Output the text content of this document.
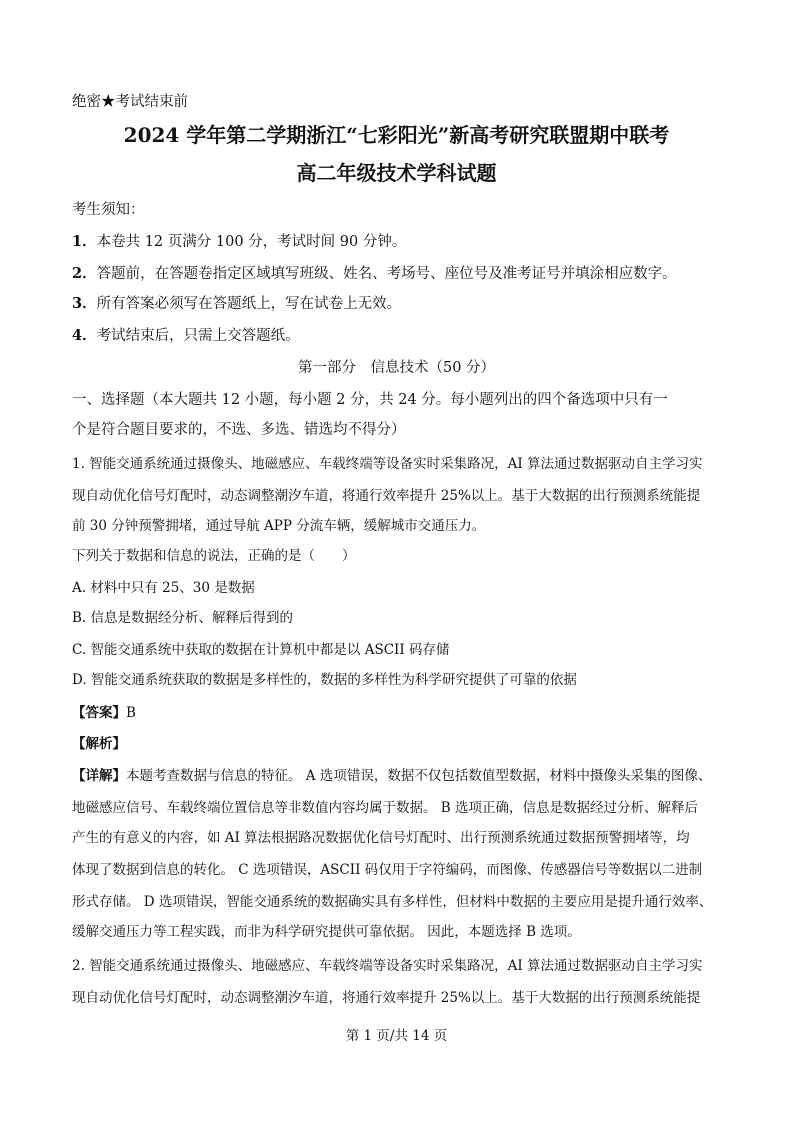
绝密★考试结束前
2024 学年第二学期浙江“七彩阳光”新高考研究联盟期中联考
高二年级技术学科试题
考生须知：
1．本卷共 12 页满分 100 分，考试时间 90 分钟。
2．答题前，在答题卷指定区域填写班级、姓名、考场号、座位号及准考证号并填涂相应数字。
3．所有答案必须写在答题纸上，写在试卷上无效。
4．考试结束后，只需上交答题纸。
第一部分　信息技术（50 分）
一、选择题（本大题共 12 小题，每小题 2 分，共 24 分。每小题列出的四个备选项中只有一
个是符合题目要求的，不选、多选、错选均不得分）
1. 智能交通系统通过摄像头、地磁感应、车载终端等设备实时采集路况，AI 算法通过数据驱动自主学习实
现自动优化信号灯配时，动态调整潮汐车道，将通行效率提升 25%以上。基于大数据的出行预测系统能提
前 30 分钟预警拥堵，通过导航 APP 分流车辆，缓解城市交通压力。
下列关于数据和信息的说法，正确的是（　　）
A. 材料中只有 25、30 是数据
B. 信息是数据经分析、解释后得到的
C. 智能交通系统中获取的数据在计算机中都是以 ASCII 码存储
D. 智能交通系统获取的数据是多样性的，数据的多样性为科学研究提供了可靠的依据
【答案】B
【解析】
【详解】本题考查数据与信息的特征。 A 选项错误，数据不仅包括数值型数据，材料中摄像头采集的图像、
地磁感应信号、车载终端位置信息等非数值内容均属于数据。 B 选项正确，信息是数据经过分析、解释后
产生的有意义的内容，如 AI 算法根据路况数据优化信号灯配时、出行预测系统通过数据预警拥堵等，均
体现了数据到信息的转化。 C 选项错误，ASCII 码仅用于字符编码，而图像、传感器信号等数据以二进制
形式存储。 D 选项错误，智能交通系统的数据确实具有多样性，但材料中数据的主要应用是提升通行效率、
缓解交通压力等工程实践，而非为科学研究提供可靠依据。 因此，本题选择 B 选项。
2. 智能交通系统通过摄像头、地磁感应、车载终端等设备实时采集路况，AI 算法通过数据驱动自主学习实
现自动优化信号灯配时，动态调整潮汐车道，将通行效率提升 25%以上。基于大数据的出行预测系统能提
第 1 页/共 14 页
